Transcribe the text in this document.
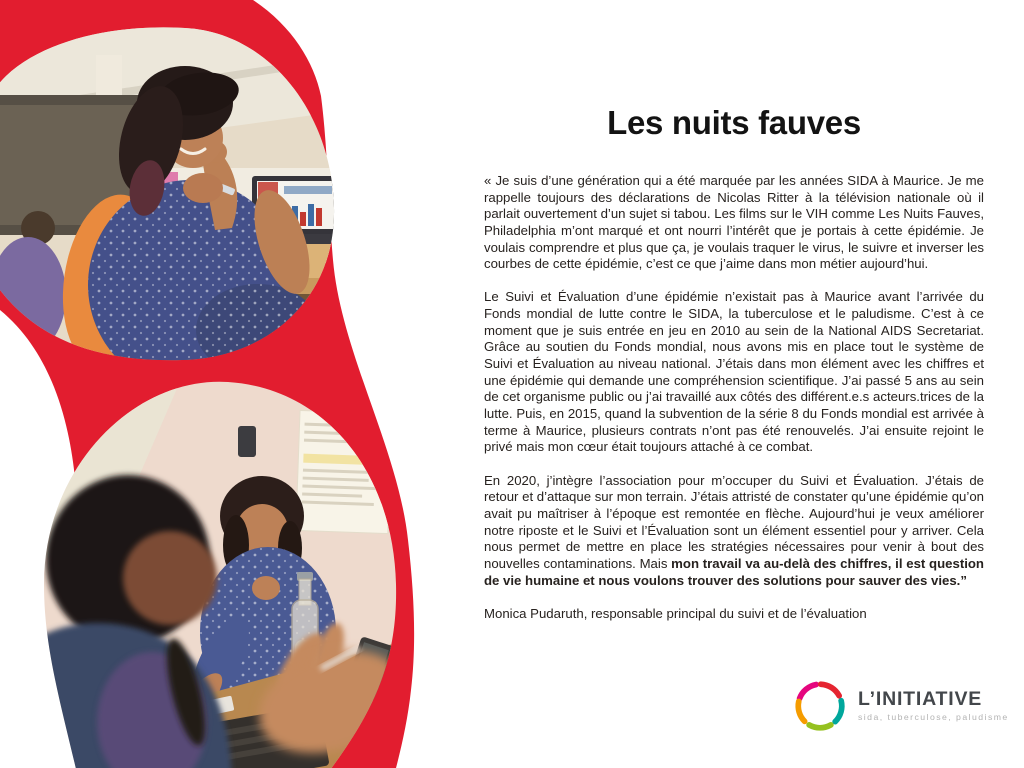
Les nuits fauves

« Je suis d’une génération qui a été marquée par les années SIDA à Maurice. Je me rappelle toujours des déclarations de Nicolas Ritter à la télévision nationale où il parlait ouvertement d’un sujet si tabou. Les films sur le VIH comme Les Nuits Fauves, Philadelphia m’ont marqué et ont nourri l’intérêt que je portais à cette épidémie. Je voulais comprendre et plus que ça, je voulais traquer le virus, le suivre et inverser les courbes de cette épidémie, c’est ce que j’aime dans mon métier aujourd’hui.

Le Suivi et Évaluation d’une épidémie n’existait pas à Maurice avant l’arrivée du Fonds mondial de lutte contre le SIDA, la tuberculose et le paludisme. C’est à ce moment que je suis entrée en jeu en 2010 au sein de la National AIDS Secretariat. Grâce au soutien du Fonds mondial, nous avons mis en place tout le système de Suivi et Évaluation au niveau national. J’étais dans mon élément avec les chiffres et une épidémie qui demande une compréhension scientifique. J’ai passé 5 ans au sein de cet organisme public ou j’ai travaillé aux côtés des différent.e.s acteurs.trices de la lutte. Puis, en 2015, quand la subvention de la série 8 du Fonds mondial est arrivée à terme à Maurice, plusieurs contrats n’ont pas été renouvelés. J’ai ensuite rejoint le privé mais mon cœur était toujours attaché à ce combat.

En 2020, j’intègre l’association pour m’occuper du Suivi et Évaluation. J’étais de retour et d’attaque sur mon terrain. J’étais attristé de constater qu’une épidémie qu’on avait pu maîtriser à l’époque est remontée en flèche. Aujourd’hui je veux améliorer notre riposte et le Suivi et l’Évaluation sont un élément essentiel pour y arriver. Cela nous permet de mettre en place les stratégies nécessaires pour venir à bout des nouvelles contaminations. Mais mon travail va au-delà des chiffres, il est question de vie humaine et nous voulons trouver des solutions pour sauver des vies.”

Monica Pudaruth, responsable principal du suivi et de l’évaluation

L’INITIATIVE
sida, tuberculose, paludisme
